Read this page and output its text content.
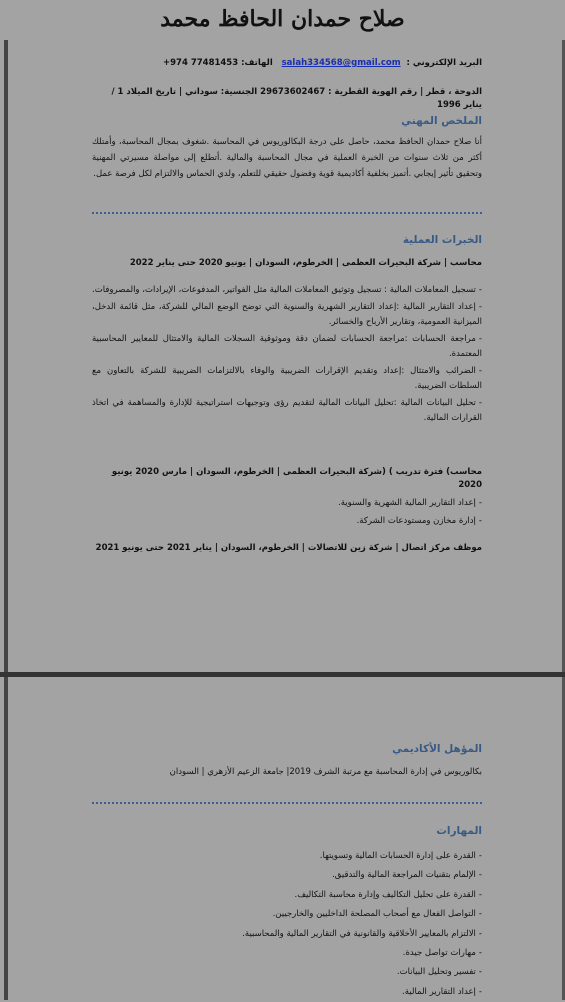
صلاح حمدان الحافظ محمد
البريد الإلكتروني :  salah334568@gmail.com   الهاتف: +974 77481453
الدوحة ، قطر | رقم الهوية القطرية : 29673602467 الجنسية: سوداني | تاريخ الميلاد 1 / يناير 1996
الملخص المهني
أنا صلاح حمدان الحافظ محمد، حاصل على درجة البكالوريوس في المحاسبة .شغوف بمجال المحاسبة، وأمتلك أكثر من ثلاث سنوات من الخبرة العملية في مجال المحاسبة والمالية .أتطلع إلى مواصلة مسيرتي المهنية وتحقيق تأثير إيجابي .أتميز بخلفية أكاديمية قوية وفضول حقيقي للتعلم، ولدي الحماس والالتزام لكل فرصة عمل.
الخبرات العملية
محاسب | شركة البحيرات العظمى | الخرطوم، السودان | يونيو 2020 حتى يناير 2022
-تسجيل المعاملات المالية : تسجيل وتوثيق المعاملات المالية مثل الفواتير، المدفوعات، الإيرادات، والمصروفات.
-إعداد التقارير المالية :إعداد التقارير الشهرية والسنوية التي توضح الوضع المالي للشركة، مثل قائمة الدخل، الميزانية العمومية، وتقارير الأرباح والخسائر.
-مراجعة الحسابات :مراجعة الحسابات لضمان دقة وموثوقية السجلات المالية والامتثال للمعايير المحاسبية المعتمدة.
-الضرائب والامتثال :إعداد وتقديم الإقرارات الضريبية والوفاء بالالتزامات الضريبية للشركة بالتعاون مع السلطات الضريبية.
-تحليل البيانات المالية :تحليل البيانات المالية لتقديم رؤى وتوجيهات استراتيجية للإدارة والمساهمة في اتخاذ القرارات المالية.
محاسب) فترة تدريب ) (شركة البحيرات العظمى | الخرطوم، السودان | مارس 2020 يونيو 2020
-إعداد التقارير المالية الشهرية والسنوية.
-إدارة مخازن ومستودعات الشركة.
موظف مركز اتصال | شركة زين للاتصالات | الخرطوم، السودان | يناير 2021 حتى يونيو 2021
المؤهل الأكاديمي
بكالوريوس في إدارة المحاسبة مع مرتبة الشرف 2019| جامعة الزعيم الأزهري | السودان
المهارات
-القدرة على إدارة الحسابات المالية وتسويتها.
-الإلمام بتقنيات المراجعة المالية والتدقيق.
-القدرة على تحليل التكاليف وإدارة محاسبة التكاليف.
-التواصل الفعال مع أصحاب المصلحة الداخليين والخارجيين.
-الالتزام بالمعايير الأخلاقية والقانونية في التقارير المالية والمحاسبية.
-مهارات تواصل جيدة.
-تفسير وتحليل البيانات.
-إعداد التقارير المالية.
